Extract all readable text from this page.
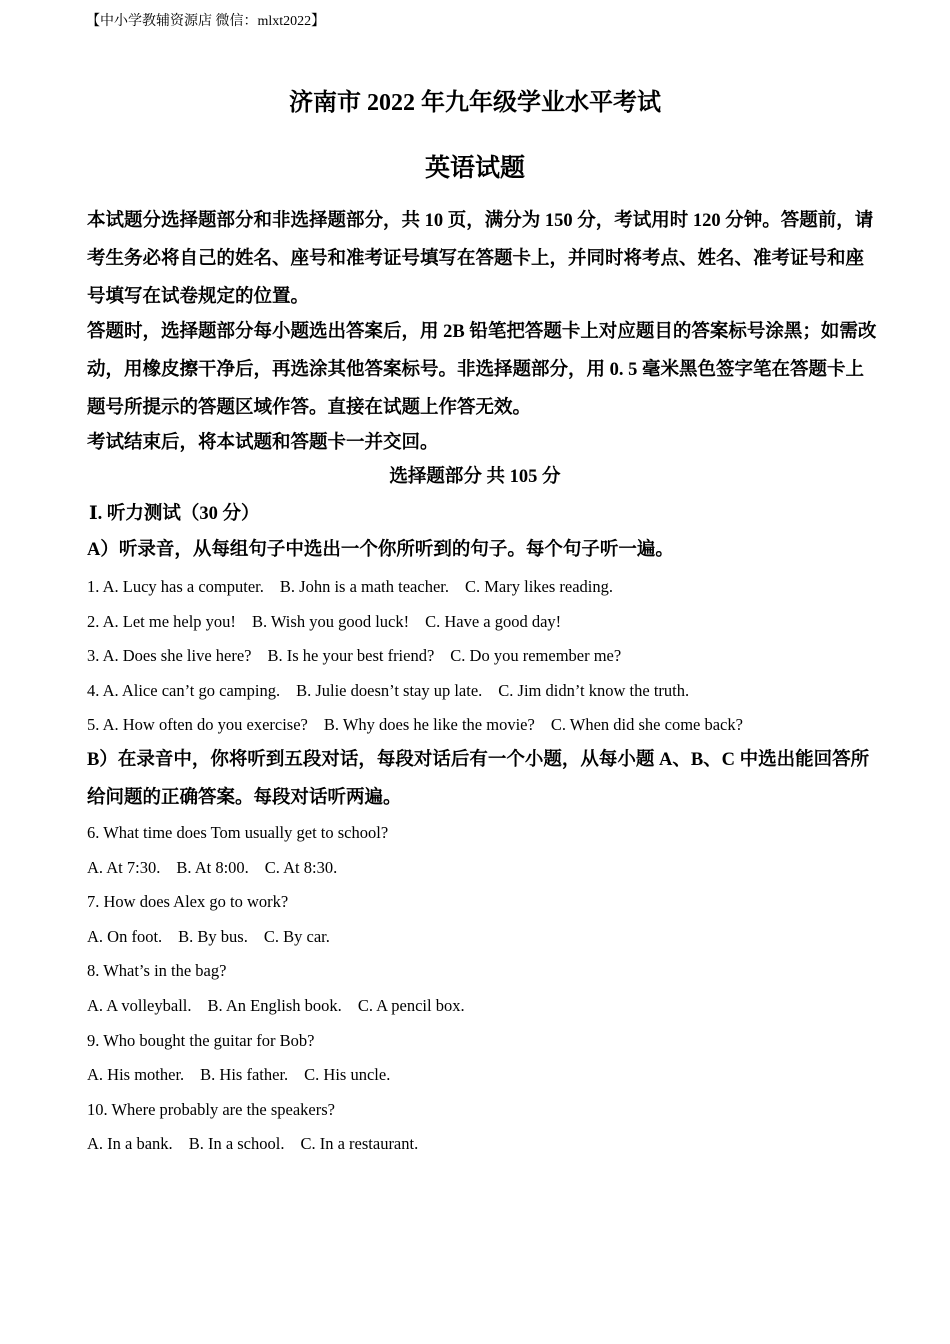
【中小学教辅资源店 微信：mlxt2022】
济南市 2022 年九年级学业水平考试
英语试题
本试题分选择题部分和非选择题部分，共 10 页，满分为 150 分，考试用时 120 分钟。答题前，请考生务必将自己的姓名、座号和准考证号填写在答题卡上，并同时将考点、姓名、准考证号和座号填写在试卷规定的位置。
答题时，选择题部分每小题选出答案后，用 2B 铅笔把答题卡上对应题目的答案标号涂黑；如需改动，用橡皮擦干净后，再选涂其他答案标号。非选择题部分，用 0. 5 毫米黑色签字笔在答题卡上题号所提示的答题区域作答。直接在试题上作答无效。
考试结束后，将本试题和答题卡一并交回。
选择题部分 共 105 分
Ⅰ. 听力测试（30 分）
A）听录音，从每组句子中选出一个你所听到的句子。每个句子听一遍。
1. A. Lucy has a computer. B. John is a math teacher. C. Mary likes reading.
2. A. Let me help you! B. Wish you good luck! C. Have a good day!
3. A. Does she live here? B. Is he your best friend? C. Do you remember me?
4. A. Alice can’t go camping. B. Julie doesn’t stay up late. C. Jim didn’t know the truth.
5. A. How often do you exercise? B. Why does he like the movie? C. When did she come back?
B）在录音中，你将听到五段对话，每段对话后有一个小题，从每小题 A、B、C 中选出能回答所给问题的正确答案。每段对话听两遍。
6. What time does Tom usually get to school?
A. At 7:30. B. At 8:00. C. At 8:30.
7. How does Alex go to work?
A. On foot. B. By bus. C. By car.
8. What’s in the bag?
A. A volleyball. B. An English book. C. A pencil box.
9. Who bought the guitar for Bob?
A. His mother. B. His father. C. His uncle.
10. Where probably are the speakers?
A. In a bank. B. In a school. C. In a restaurant.
